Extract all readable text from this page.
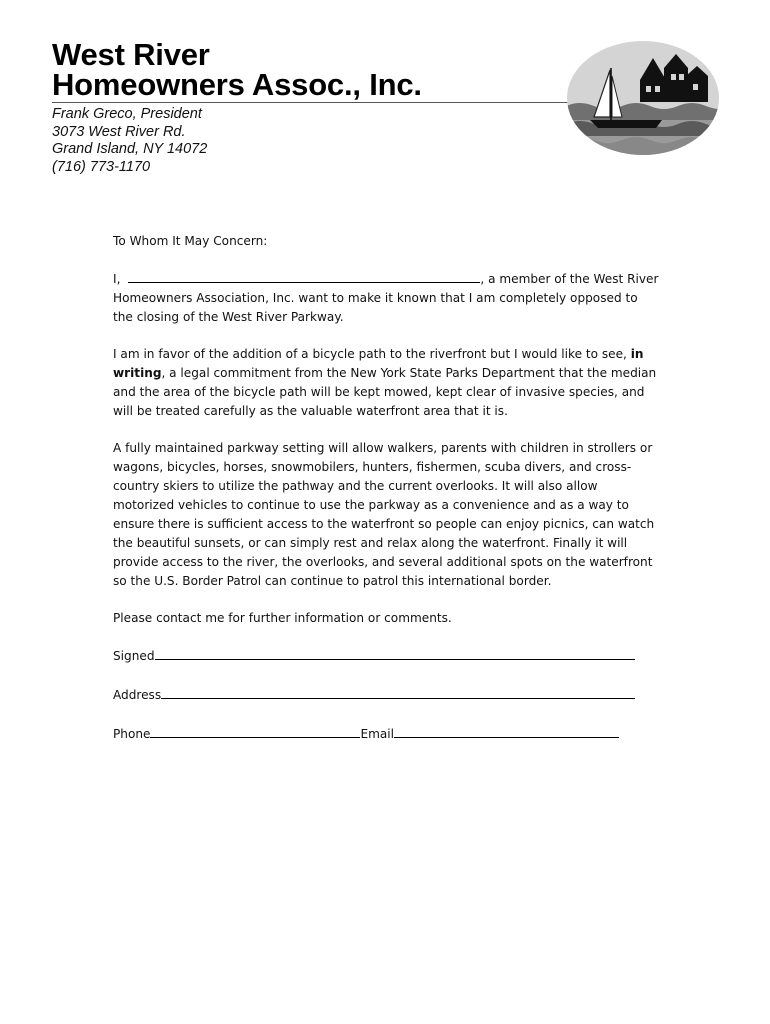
West River
Homeowners Assoc., Inc.
Frank Greco, President
3073 West River Rd.
Grand Island, NY 14072
(716) 773-1170

To Whom It May Concern:

I,	, a member of the West River Homeowners Association, Inc. want to make it known that I am completely opposed to the closing of the West River Parkway.

I am in favor of the addition of a bicycle path to the riverfront but I would like to see, in writing, a legal commitment from the New York State Parks Department that the median and the area of the bicycle path will be kept mowed, kept clear of invasive species, and will be treated carefully as the valuable waterfront area that it is.

A fully maintained parkway setting will allow walkers, parents with children in strollers or wagons, bicycles, horses, snowmobilers, hunters, fishermen, scuba divers, and cross-country skiers to utilize the pathway and the current overlooks. It will also allow motorized vehicles to continue to use the parkway as a convenience and as a way to ensure there is sufficient access to the waterfront so people can enjoy picnics, can watch the beautiful sunsets, or can simply rest and relax along the waterfront. Finally it will provide access to the river, the overlooks, and several additional spots on the waterfront so the U.S. Border Patrol can continue to patrol this international border.

Please contact me for further information or comments.

Signed
Address
Phone	Email
